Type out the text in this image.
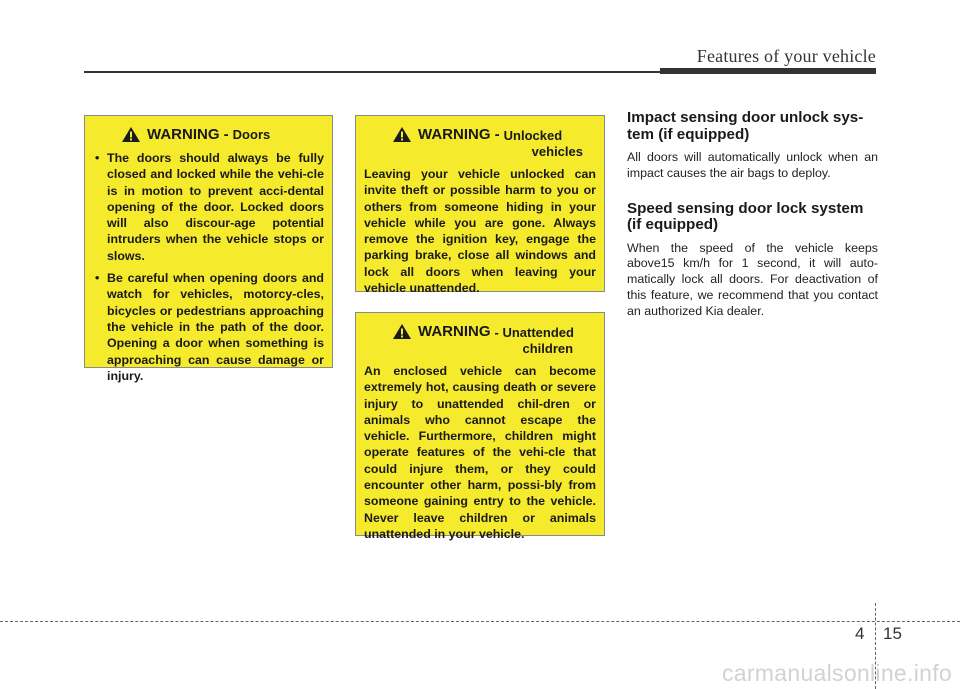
Features of your vehicle
WARNING - Doors
• The doors should always be fully closed and locked while the vehi-cle is in motion to prevent acci-dental opening of the door. Locked doors will also discour-age potential intruders when the vehicle stops or slows.
• Be careful when opening doors and watch for vehicles, motorcy-cles, bicycles or pedestrians approaching the vehicle in the path of the door. Opening a door when something is approaching can cause damage or injury.
WARNING - Unlocked
vehicles

Leaving your vehicle unlocked can invite theft or possible harm to you or others from someone hiding in your vehicle while you are gone. Always remove the ignition key, engage the parking brake, close all windows and lock all doors when leaving your vehicle unattended.

WARNING - Unattended
children

An enclosed vehicle can become extremely hot, causing death or severe injury to unattended chil-dren or animals who cannot escape the vehicle. Furthermore, children might operate features of the vehi-cle that could injure them, or they could encounter other harm, possi-bly from someone gaining entry to the vehicle. Never leave children or animals unattended in your vehicle.

Impact sensing door unlock sys-tem (if equipped)

All doors will automatically unlock when an impact causes the air bags to deploy.

Speed sensing door lock system (if equipped)

When the speed of the vehicle keeps above15 km/h for 1 second, it will auto-matically lock all doors. For deactivation of this feature, we recommend that you contact an authorized Kia dealer.

4 15
carmanualsonline.info
